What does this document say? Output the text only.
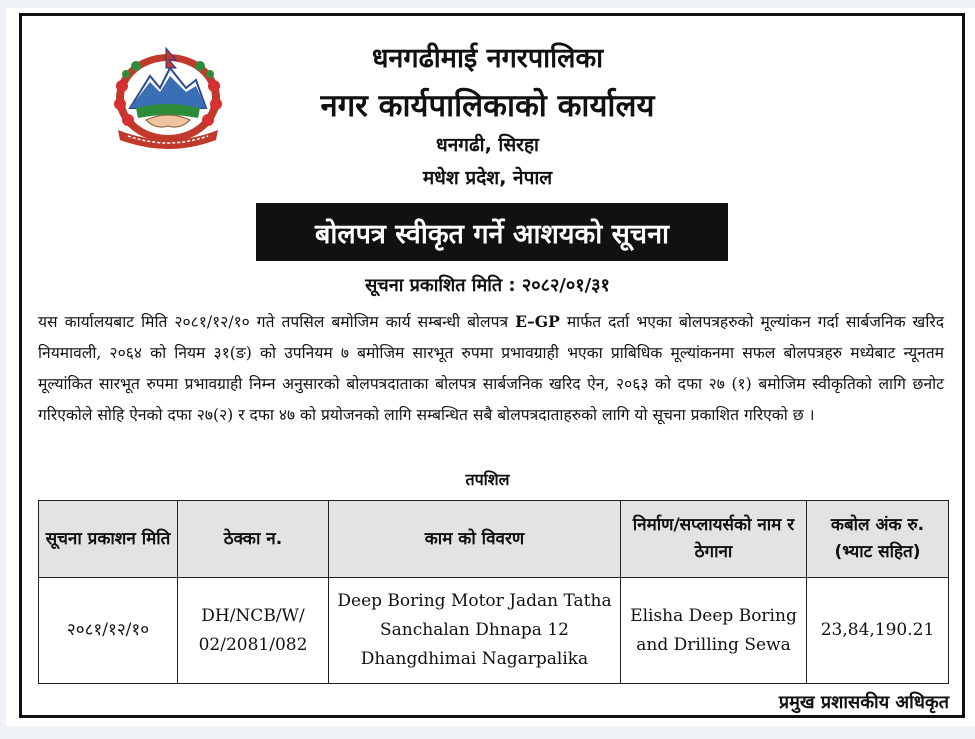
धनगढीमाई नगरपालिका
नगर कार्यपालिकाको कार्यालय
धनगढी, सिरहा
मधेश प्रदेश, नेपाल
बोलपत्र स्वीकृत गर्ने आशयको सूचना
सूचना प्रकाशित मिति : २०८२/०१/३१

यस कार्यालयबाट मिति २०८१/१२/१० गते तपसिल बमोजिम कार्य सम्बन्धी बोलपत्र E–GP मार्फत दर्ता भएका बोलपत्रहरुको मूल्यांकन गर्दा सार्बजनिक खरिद नियमावली, २०६४ को नियम ३१(ङ) को उपनियम ७ बमोजिम सारभूत रुपमा प्रभावग्राही भएका प्राबिधिक मूल्यांकनमा सफल बोलपत्रहरु मध्येबाट न्यूनतम मूल्यांकित सारभूत रुपमा प्रभावग्राही निम्न अनुसारको बोलपत्रदाताका बोलपत्र सार्बजनिक खरिद ऐन, २०६३ को दफा २७ (१) बमोजिम स्वीकृतिको लागि छनोट गरिएकोले सोहि ऐनको दफा २७(२) र दफा ४७ को प्रयोजनको लागि सम्बन्धित सबै बोलपत्रदाताहरुको लागि यो सूचना प्रकाशित गरिएको छ ।

तपशिल
सूचना प्रकाशन मिति	ठेक्का न.	काम को विवरण	निर्माण/सप्लायर्सको नाम र ठेगाना	कबोल अंक रु. (भ्याट सहित)
२०८१/१२/१०	DH/NCB/W/ 02/2081/082	Deep Boring Motor Jadan Tatha Sanchalan Dhnapa 12 Dhangdhimai Nagarpalika	Elisha Deep Boring and Drilling Sewa	23,84,190.21
प्रमुख प्रशासकीय अधिकृत
